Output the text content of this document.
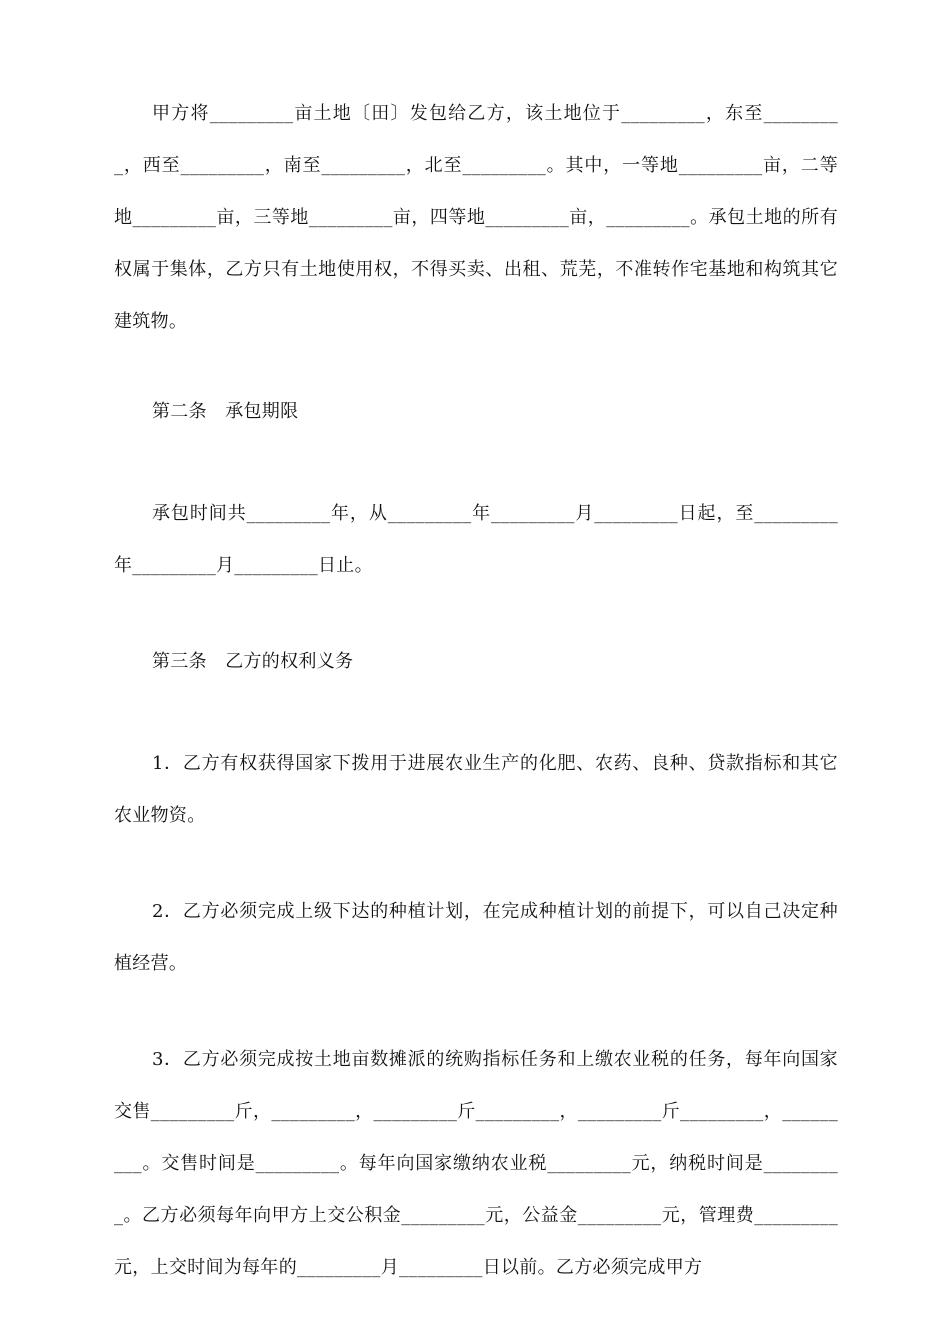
甲方将_________亩土地〔田〕发包给乙方，该土地位于_________，东至_________，西至_________，南至_________，北至_________。其中，一等地_________亩，二等地_________亩，三等地_________亩，四等地_________亩，_________。承包土地的所有权属于集体，乙方只有土地使用权，不得买卖、出租、荒芜，不准转作宅基地和构筑其它建筑物。

第二条　承包期限

承包时间共_________年，从_________年_________月_________日起，至_________年_________月_________日止。

第三条　乙方的权利义务

1．乙方有权获得国家下拨用于进展农业生产的化肥、农药、良种、贷款指标和其它农业物资。

2．乙方必须完成上级下达的种植计划，在完成种植计划的前提下，可以自己决定种植经营。

3．乙方必须完成按土地亩数摊派的统购指标任务和上缴农业税的任务，每年向国家交售_________斤，_________，_________斤_________，_________斤_________，_________。交售时间是_________。每年向国家缴纳农业税_________元，纳税时间是_________。乙方必须每年向甲方上交公积金_________元，公益金_________元，管理费_________元，上交时间为每年的_________月_________日以前。乙方必须完成甲方
